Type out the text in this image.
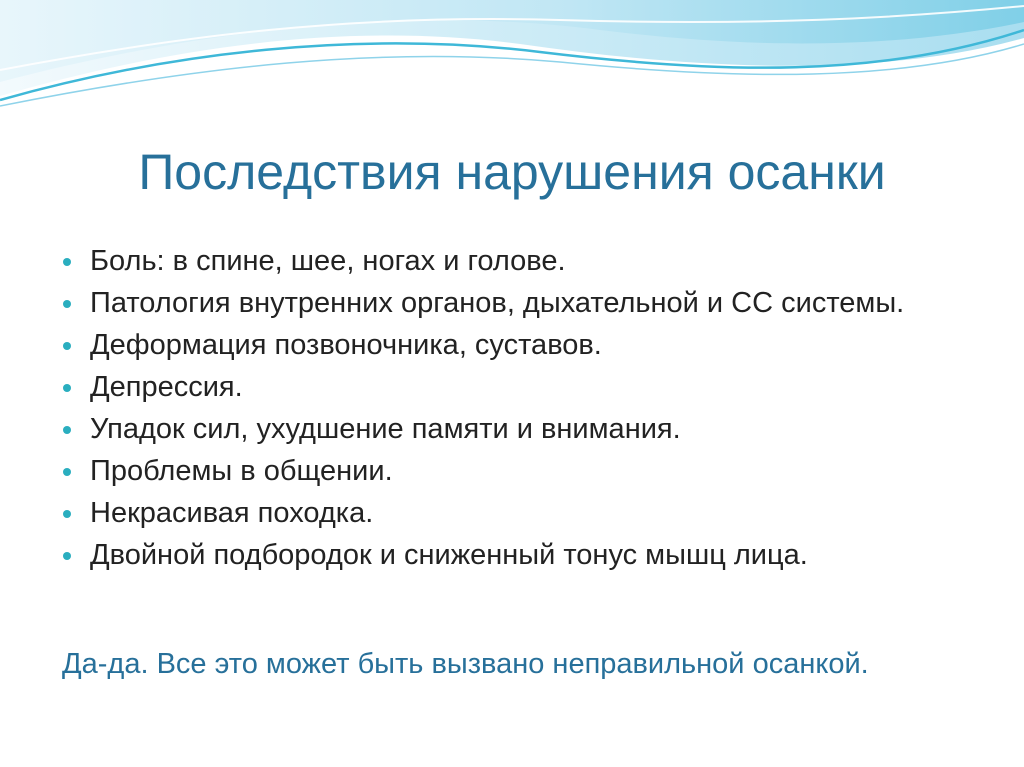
Последствия нарушения осанки
Боль: в спине, шее, ногах и голове.
Патология внутренних органов, дыхательной и СС системы.
Деформация позвоночника, суставов.
Депрессия.
Упадок сил, ухудшение памяти и внимания.
Проблемы в общении.
Некрасивая походка.
Двойной подбородок и сниженный тонус мышц лица.

Да-да. Все это может быть вызвано неправильной осанкой.
